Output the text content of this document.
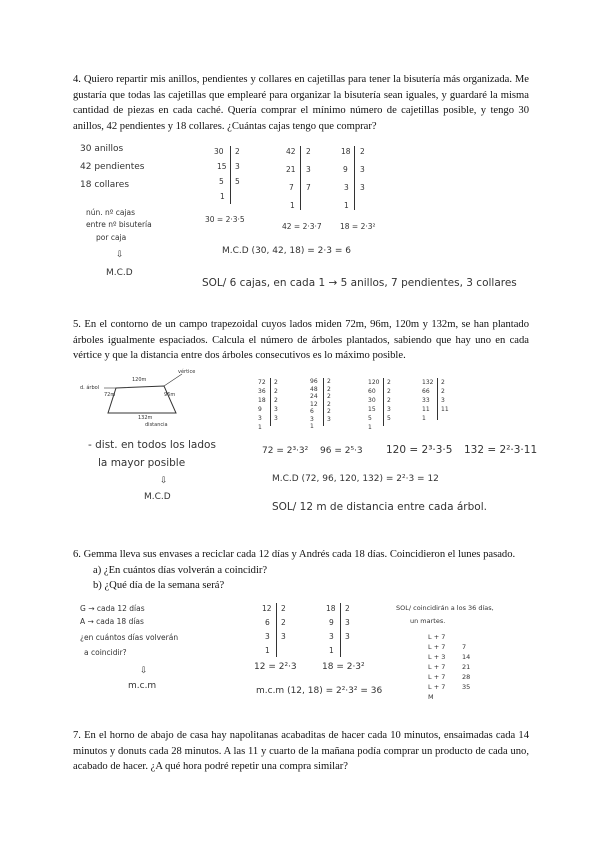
4. Quiero repartir mis anillos, pendientes y collares en cajetillas para tener la bisutería más organizada. Me gustaría que todas las cajetillas que emplearé para organizar la bisutería sean iguales, y guardaré la misma cantidad de piezas en cada caché. Quería comprar el mínimo número de cajetillas posible, y tengo 30 anillos, 42 pendientes y 18 collares. ¿Cuántas cajas tengo que comprar?

30 anillos
42 pendientes
18 collares
nún. nº cajas
entre nº bisutería
por caja
⇩
M.C.D
30
15
5
1
2
3
5
42
21
7
1
2
3
7
18
9
3
1
2
3
3
30 = 2·3·5
42 = 2·3·7 18 = 2·3²
M.C.D (30, 42, 18) = 2·3 = 6
SOL/ 6 cajas, en cada 1 → 5 anillos, 7 pendientes, 3 collares

5. En el contorno de un campo trapezoidal cuyos lados miden 72m, 96m, 120m y 132m, se han plantado árboles igualmente espaciados. Calcula el número de árboles plantados, sabiendo que hay uno en cada vértice y que la distancia entre dos árboles consecutivos es lo máximo posible.

120m
72m	96m
132m
vértice
d. árbol
distancia
- dist. en todos los lados
la mayor posible
⇩
M.C.D
72
36
18
9
3
1
2
2
2
3
3
96
48
24
12
6
3
1
2
2
2
2
2
3
120
60
30
15
5
1
2
2
2
3
5
132
66
33
11
1
2
2
3
11
72 = 2³·3² 96 = 2⁵·3 120 = 2³·3·5 132 = 2²·3·11
M.C.D (72, 96, 120, 132) = 2²·3 = 12
SOL/ 12 m de distancia entre cada árbol.

6. Gemma lleva sus envases a reciclar cada 12 días y Andrés cada 18 días. Coincidieron el lunes pasado.

a) ¿En cuántos días volverán a coincidir?

b) ¿Qué día de la semana será?

G → cada 12 días
A → cada 18 días
¿en cuántos días volverán
a coincidir?
⇩
m.c.m
12
6
3
1
2
2
3
18
9
3
1
2
3
3
12 = 2²·3	18 = 2·3²
m.c.m (12, 18) = 2²·3² = 36
SOL/ coincidirán a los 36 días,
un martes.
L + 7
L + 7
L + 3
L + 7
L + 7
L + 7
M
7
14
21
28
35

7. En el horno de abajo de casa hay napolitanas acabaditas de hacer cada 10 minutos, ensaimadas cada 14 minutos y donuts cada 28 minutos. A las 11 y cuarto de la mañana podía comprar un producto de cada uno, acabado de hacer. ¿A qué hora podré repetir una compra similar?
